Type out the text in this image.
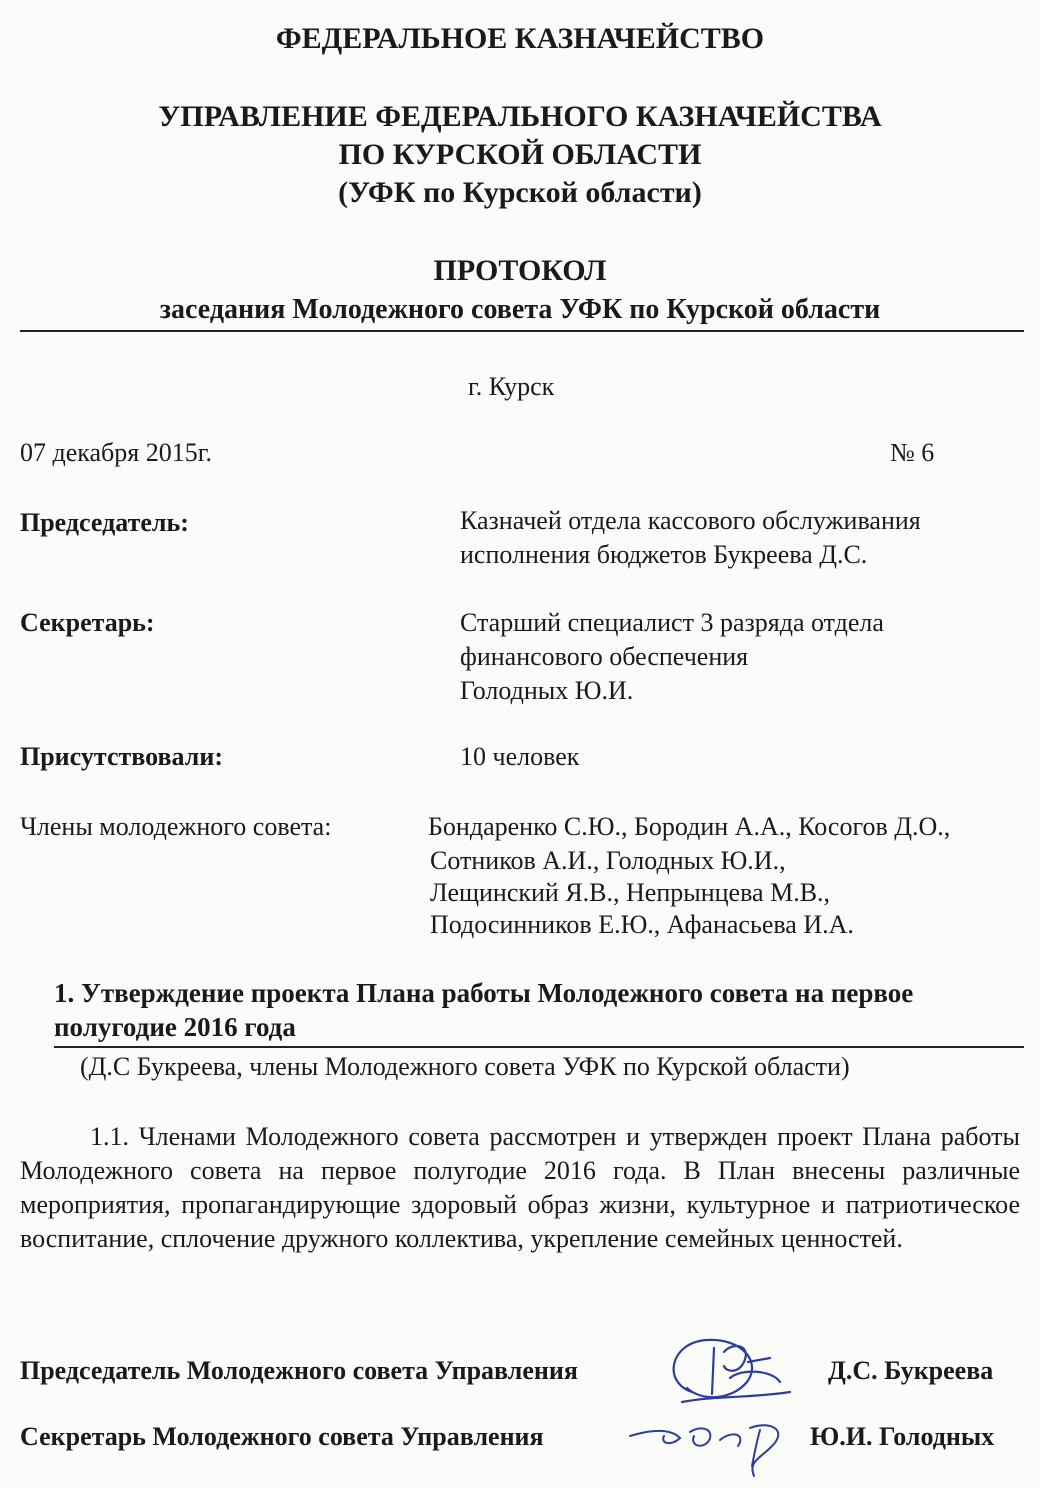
ФЕДЕРАЛЬНОЕ КАЗНАЧЕЙСТВО
УПРАВЛЕНИЕ ФЕДЕРАЛЬНОГО КАЗНАЧЕЙСТВА
ПО КУРСКОЙ ОБЛАСТИ
(УФК по Курской области)
ПРОТОКОЛ
заседания Молодежного совета УФК по Курской области
г. Курск
07 декабря 2015г.	№ 6
Председатель:	Казначей отдела кассового обслуживания
исполнения бюджетов Букреева Д.С.
Секретарь:	Старший специалист 3 разряда отдела
финансового обеспечения
Голодных Ю.И.
Присутствовали:	10 человек
Члены молодежного совета:	Бондаренко С.Ю., Бородин А.А., Косогов Д.О.,
Сотников А.И., Голодных Ю.И.,
Лещинский Я.В., Непрынцева М.В.,
Подосинников Е.Ю., Афанасьева И.А.
1. Утверждение проекта Плана работы Молодежного совета на первое
полугодие 2016 года
(Д.С Букреева, члены Молодежного совета УФК по Курской области)
1.1. Членами Молодежного совета рассмотрен и утвержден проект Плана работы Молодежного совета на первое полугодие 2016 года. В План внесены различные мероприятия, пропагандирующие здоровый образ жизни, культурное и патриотическое воспитание, сплочение дружного коллектива, укрепление семейных ценностей.
Председатель Молодежного совета Управления	Д.С. Букреева
Секретарь Молодежного совета Управления	Ю.И. Голодных
